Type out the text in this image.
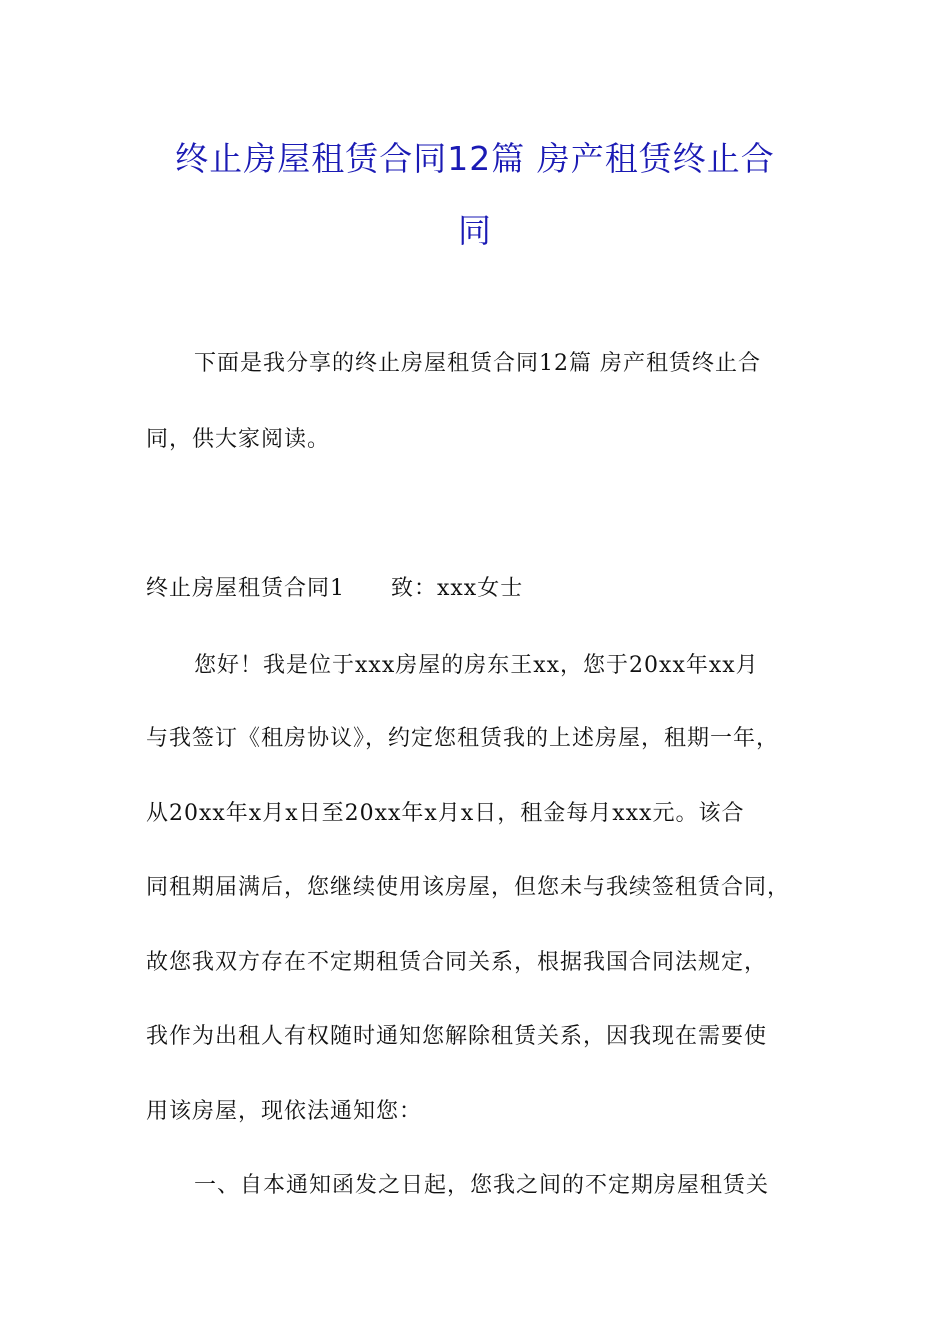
终止房屋租赁合同12篇 房产租赁终止合
同
下面是我分享的终止房屋租赁合同12篇 房产租赁终止合
同，供大家阅读。
终止房屋租赁合同1　　致：xxx女士
您好！我是位于xxx房屋的房东王xx，您于20xx年xx月
与我签订《租房协议》，约定您租赁我的上述房屋，租期一年，
从20xx年x月x日至20xx年x月x日，租金每月xxx元。该合
同租期届满后，您继续使用该房屋，但您未与我续签租赁合同，
故您我双方存在不定期租赁合同关系，根据我国合同法规定，
我作为出租人有权随时通知您解除租赁关系，因我现在需要使
用该房屋，现依法通知您：
一、自本通知函发之日起，您我之间的不定期房屋租赁关
